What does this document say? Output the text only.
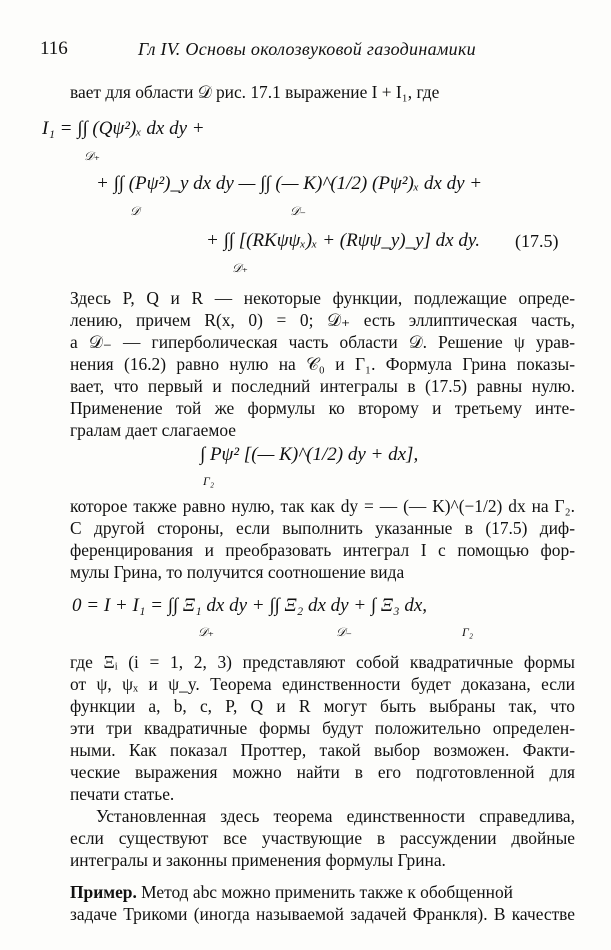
116	Гл IV. Основы околозвуковой газодинамики
вает для области 𝒟 рис. 17.1 выражение I + I₁, где
I₁ = ∫∫ (Qψ²)ₓ dx dy +
𝒟₊
+ ∫∫ (Pψ²)_y dx dy — ∫∫ (— K)^(1/2) (Pψ²)ₓ dx dy +
𝒟	𝒟₋
+ ∫∫ [(RKψψₓ)ₓ + (Rψψ_y)_y] dx dy.
𝒟₊
(17.5)
Здесь P, Q и R — некоторые функции, подлежащие опреде-
лению, причем R(x, 0) = 0; 𝒟₊ есть эллиптическая часть,
а 𝒟₋ — гиперболическая часть области 𝒟. Решение ψ урав-
нения (16.2) равно нулю на 𝒞₀ и Γ₁. Формула Грина показы-
вает, что первый и последний интегралы в (17.5) равны нулю.
Применение той же формулы ко второму и третьему инте-
гралам дает слагаемое
∫ Pψ² [(— K)^(1/2) dy + dx],
Γ₂
которое также равно нулю, так как dy = — (— K)^(−1/2) dx на Γ₂.
С другой стороны, если выполнить указанные в (17.5) диф-
ференцирования и преобразовать интеграл I с помощью фор-
мулы Грина, то получится соотношение вида
0 = I + I₁ = ∫∫ Ξ₁ dx dy + ∫∫ Ξ₂ dx dy + ∫ Ξ₃ dx,
𝒟₊	𝒟₋	Γ₂
где Ξᵢ (i = 1, 2, 3) представляют собой квадратичные формы
от ψ, ψₓ и ψ_y. Теорема единственности будет доказана, если
функции a, b, c, P, Q и R могут быть выбраны так, что
эти три квадратичные формы будут положительно определен-
ными. Как показал Проттер, такой выбор возможен. Факти-
ческие выражения можно найти в его подготовленной для
печати статье.
Установленная здесь теорема единственности справедлива,
если существуют все участвующие в рассуждении двойные
интегралы и законны применения формулы Грина.
Пример. Метод abc можно применить также к обобщенной
задаче Трикоми (иногда называемой задачей Франкля). В качестве
